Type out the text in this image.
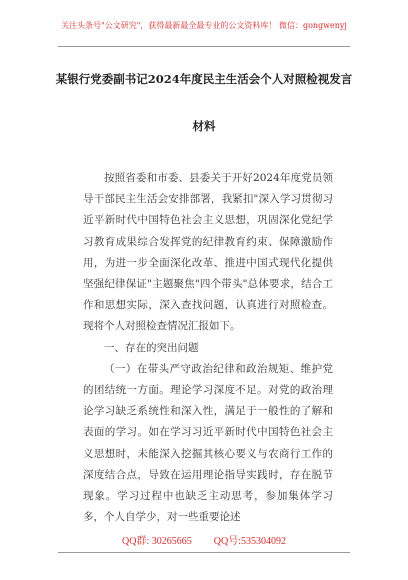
关注头条号"公文研究"，获得最新最全最专业的公文资料库！ 微信：gongwenyj
某银行党委副书记2024年度民主生活会个人对照检视发言
材料

按照省委和市委、县委关于开好2024年度党员领导干部民主生活会安排部署，我紧扣"深入学习贯彻习近平新时代中国特色社会主义思想，巩固深化党纪学习教育成果综合发挥党的纪律教育约束、保障激励作用，为进一步全面深化改革、推进中国式现代化提供坚强纪律保证"主题聚焦"四个带头"总体要求，结合工作和思想实际，深入查找问题，认真进行对照检查。现将个人对照检查情况汇报如下。

一、存在的突出问题

（一）在带头严守政治纪律和政治规矩、维护党的团结统一方面。理论学习深度不足。对党的政治理论学习缺乏系统性和深入性，满足于一般性的了解和表面的学习。如在学习习近平新时代中国特色社会主义思想时，未能深入挖掘其核心要义与农商行工作的深度结合点，导致在运用理论指导实践时，存在脱节现象。学习过程中也缺乏主动思考，参加集体学习多，个人自学少，对一些重要论述

QQ群: 30265665 QQ号:535304092
